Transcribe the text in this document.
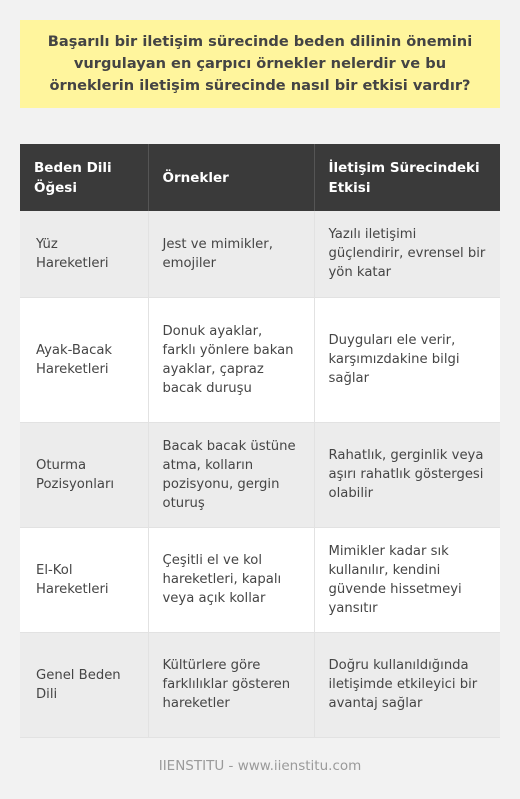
Başarılı bir iletişim sürecinde beden dilinin önemini vurgulayan en çarpıcı örnekler nelerdir ve bu örneklerin iletişim sürecinde nasıl bir etkisi vardır?
Beden Dili Öğesi	Örnekler	İletişim Sürecindeki Etkisi
Yüz Hareketleri	Jest ve mimikler, emojiler	Yazılı iletişimi güçlendirir, evrensel bir yön katar
Ayak-Bacak Hareketleri	Donuk ayaklar, farklı yönlere bakan ayaklar, çapraz bacak duruşu	Duyguları ele verir, karşımızdakine bilgi sağlar
Oturma Pozisyonları	Bacak bacak üstüne atma, kolların pozisyonu, gergin oturuş	Rahatlık, gerginlik veya aşırı rahatlık göstergesi olabilir
El-Kol Hareketleri	Çeşitli el ve kol hareketleri, kapalı veya açık kollar	Mimikler kadar sık kullanılır, kendini güvende hissetmeyi yansıtır
Genel Beden Dili	Kültürlere göre farklılıklar gösteren hareketler	Doğru kullanıldığında iletişimde etkileyici bir avantaj sağlar
IIENSTITU - www.iienstitu.com
